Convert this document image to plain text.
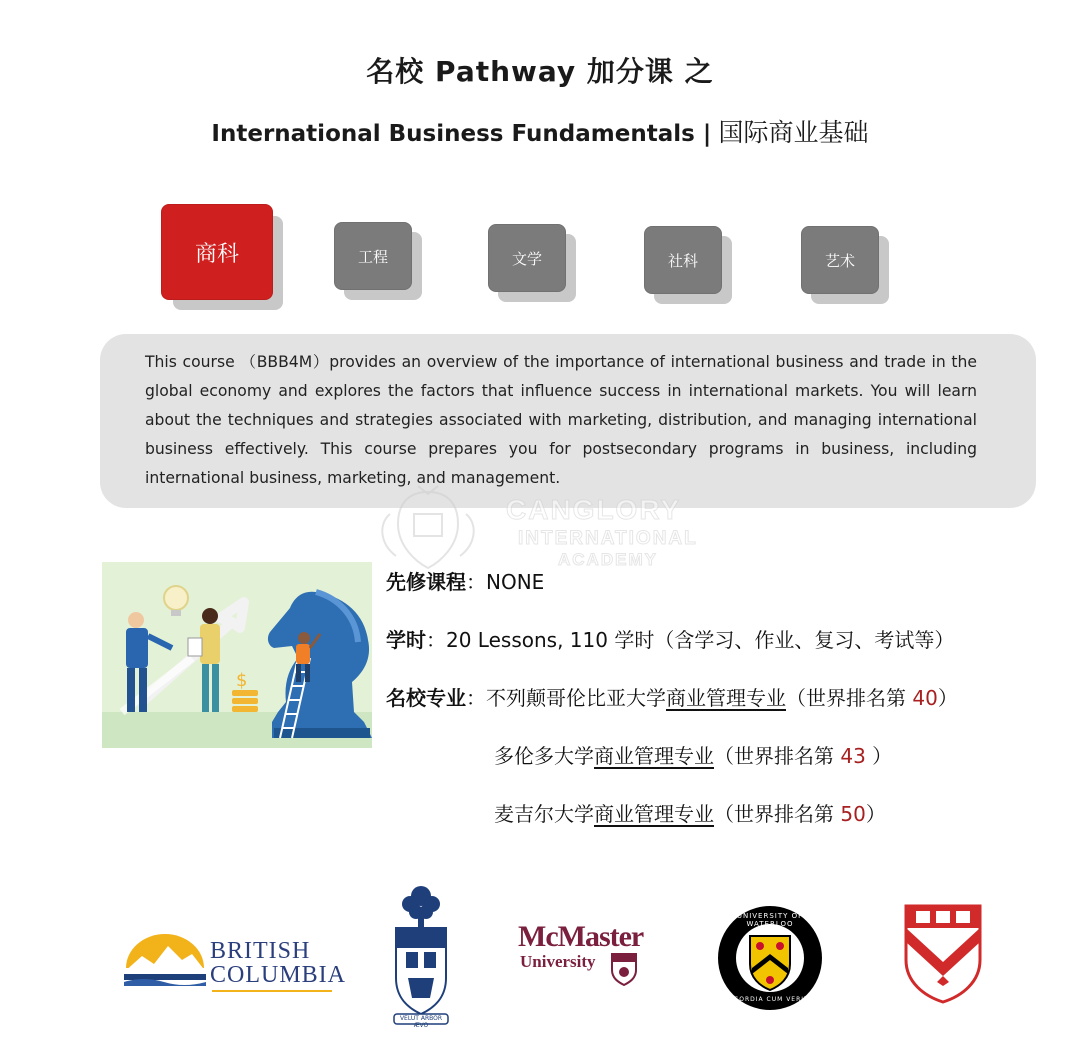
名校 Pathway 加分课 之
International Business Fundamentals | 国际商业基础
商科	工程	文学	社科	艺术

This course （BBB4M）provides an overview of the importance of international business and trade in the global economy and explores the factors that influence success in international markets. You will learn about the techniques and strategies associated with marketing, distribution, and managing international business effectively. This course prepares you for postsecondary programs in business, including international business, marketing, and management.

CANGLORY
INTERNATIONAL
ACADEMY
$
先修课程：NONE
学时：20 Lessons, 110 学时（含学习、作业、复习、考试等）
名校专业：不列颠哥伦比亚大学商业管理专业（世界排名第 40）
多伦多大学商业管理专业（世界排名第 43 ）
麦吉尔大学商业管理专业（世界排名第 50）
BRITISH
COLUMBIA
VELUT ARBOR ÆVO
McMaster
University
UNIVERSITY OF WATERLOO
CONCORDIA CUM VERITATE
